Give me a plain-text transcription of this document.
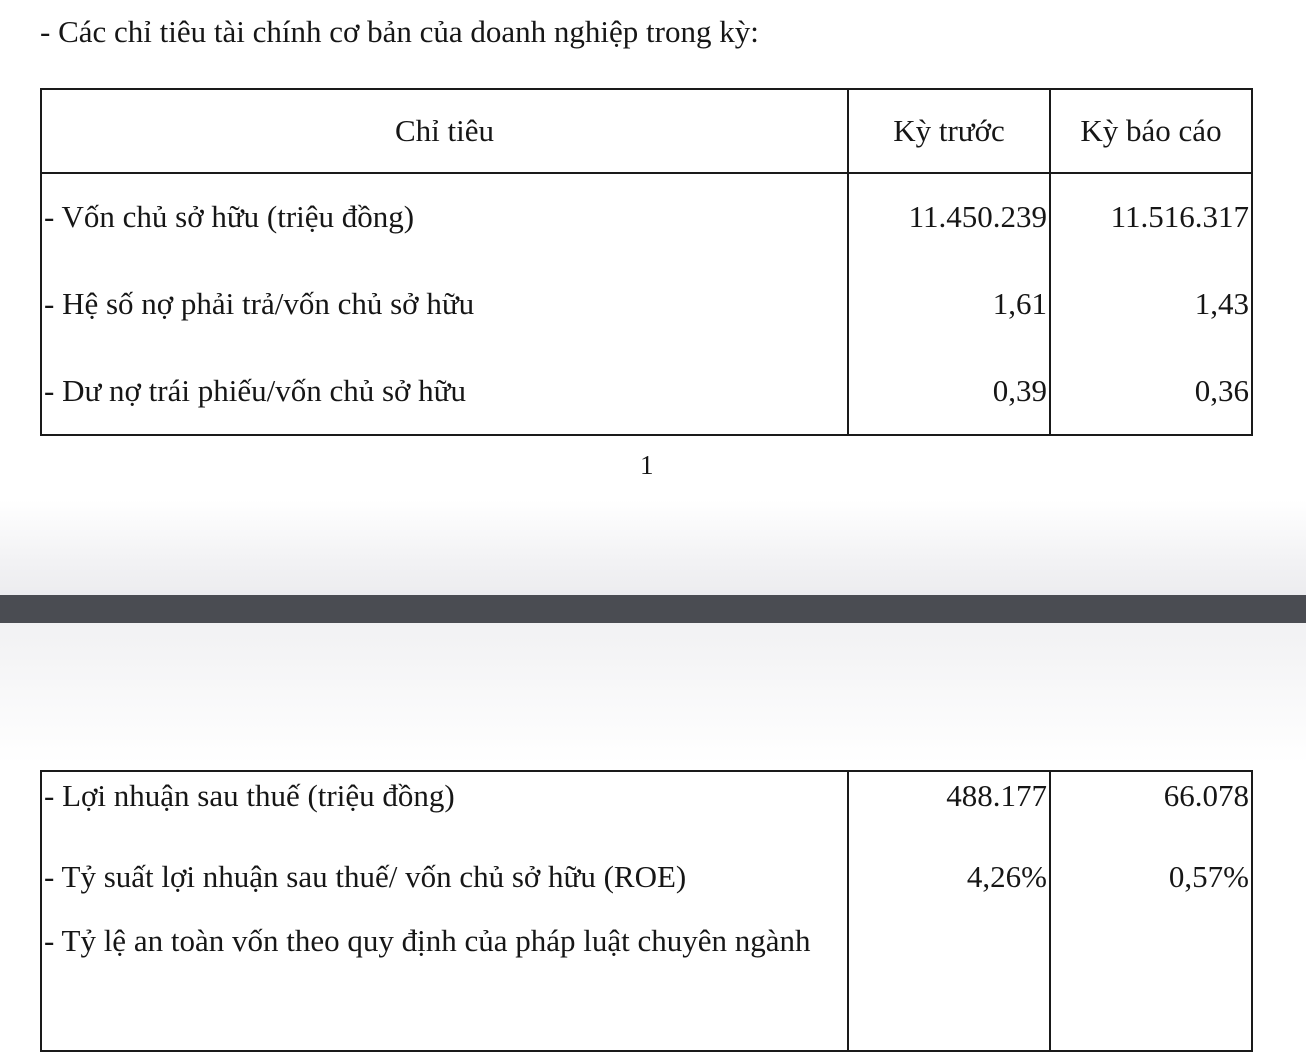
- Các chỉ tiêu tài chính cơ bản của doanh nghiệp trong kỳ:
Chỉ tiêu	Kỳ trước	Kỳ báo cáo
- Vốn chủ sở hữu (triệu đồng)	11.450.239	11.516.317
- Hệ số nợ phải trả/vốn chủ sở hữu	1,61	1,43
- Dư nợ trái phiếu/vốn chủ sở hữu	0,39	0,36
1
- Lợi nhuận sau thuế (triệu đồng)	488.177	66.078
- Tỷ suất lợi nhuận sau thuế/ vốn chủ sở hữu (ROE)	4,26%	0,57%
- Tỷ lệ an toàn vốn theo quy định của pháp luật chuyên ngành		
